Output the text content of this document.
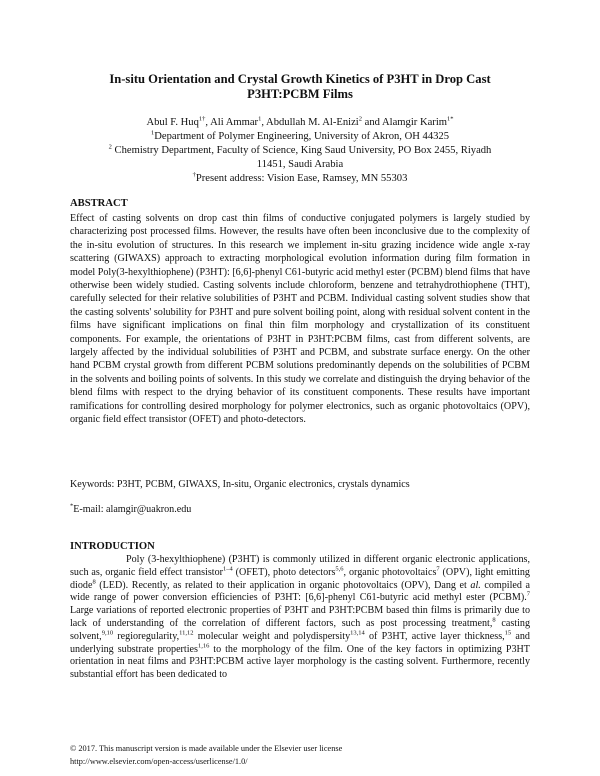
In-situ Orientation and Crystal Growth Kinetics of P3HT in Drop Cast
P3HT:PCBM Films
Abul F. Huq$^{1\dagger}$, Ali Ammar$^1$, Abdullah M. Al-Enizi$^2$ and Alamgir Karim$^{1*}$
$^1$Department of Polymer Engineering, University of Akron, OH 44325
$^2$ Chemistry Department, Faculty of Science, King Saud University, PO Box 2455, Riyadh
11451, Saudi Arabia
†Present address: Vision Ease, Ramsey, MN 55303
ABSTRACT
Effect of casting solvents on drop cast thin films of conductive conjugated polymers is largely studied by characterizing post processed films. However, the results have often been inconclusive due to the complexity of the in-situ evolution of structures. In this research we implement in-situ grazing incidence wide angle x-ray scattering (GIWAXS) approach to extracting morphological evolution information during film formation in model Poly(3-hexylthiophene) (P3HT): [6,6]-phenyl C61-butyric acid methyl ester (PCBM) blend films that have otherwise been widely studied. Casting solvents include chloroform, benzene and tetrahydrothiophene (THT), carefully selected for their relative solubilities of P3HT and PCBM. Individual casting solvent studies show that the casting solvents' solubility for P3HT and pure solvent boiling point, along with residual solvent content in the films have significant implications on final thin film morphology and crystallization of its constituent components. For example, the orientations of P3HT in P3HT:PCBM films, cast from different solvents, are largely affected by the individual solubilities of P3HT and PCBM, and substrate surface energy. On the other hand PCBM crystal growth from different PCBM solutions predominantly depends on the solubilities of PCBM in the solvents and boiling points of solvents. In this study we correlate and distinguish the drying behavior of the blend films with respect to the drying behavior of its constituent components. These results have important ramifications for controlling desired morphology for polymer electronics, such as organic photovoltaics (OPV), organic field effect transistor (OFET) and photo-detectors.
Keywords: P3HT, PCBM, GIWAXS, In-situ, Organic electronics, crystals dynamics
*E-mail: alamgir@uakron.edu
INTRODUCTION
Poly (3-hexylthiophene) (P3HT) is commonly utilized in different organic electronic applications, such as, organic field effect transistor$^{1-4}$ (OFET), photo detectors$^{5,6}$, organic photovoltaics$^7$ (OPV), light emitting diode$^8$ (LED). Recently, as related to their application in organic photovoltaics (OPV), Dang et al. compiled a wide range of power conversion efficiencies of P3HT: [6,6]-phenyl C61-butyric acid methyl ester (PCBM).$^7$ Large variations of reported electronic properties of P3HT and P3HT:PCBM based thin films is primarily due to lack of understanding of the correlation of different factors, such as post processing treatment,$^8$ casting solvent,$^{9,10}$ regioregularity,$^{11,12}$ molecular weight and polydispersity$^{13,14}$ of P3HT, active layer thickness,$^{15}$ and underlying substrate properties$^{1,16}$ to the morphology of the film. One of the key factors in optimizing P3HT orientation in neat films and P3HT:PCBM active layer morphology is the casting solvent. Furthermore, recently substantial effort has been dedicated to
© 2017. This manuscript version is made available under the Elsevier user license
http://www.elsevier.com/open-access/userlicense/1.0/
